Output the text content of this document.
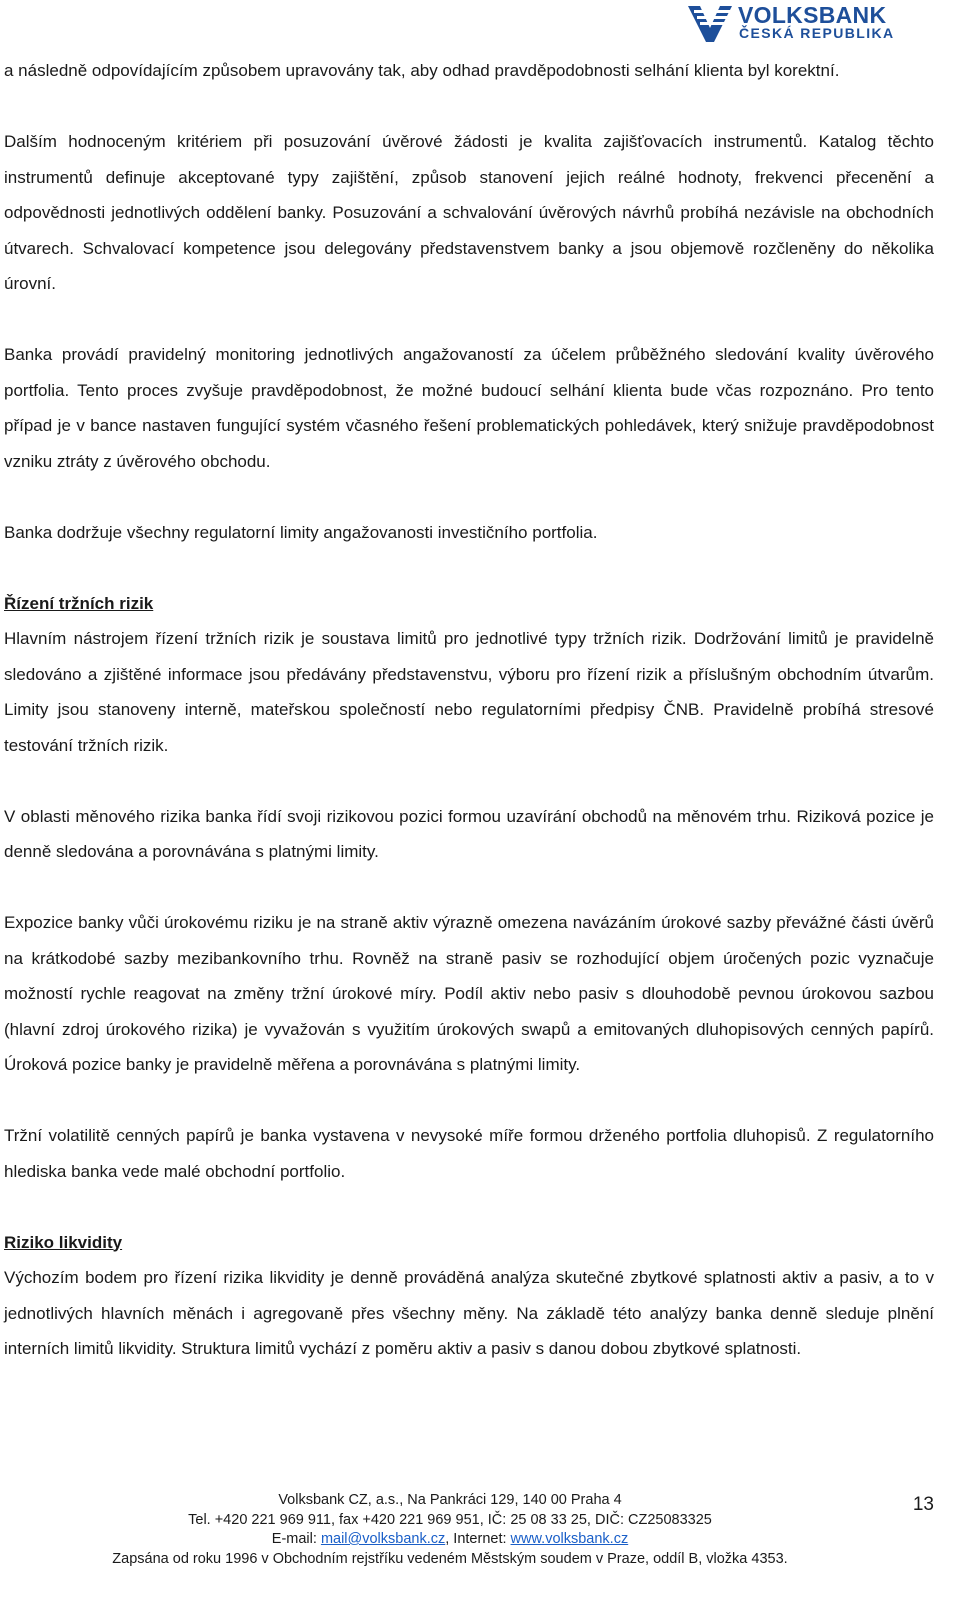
VOLKSBANK
ČESKÁ REPUBLIKA

a následně odpovídajícím způsobem upravovány tak, aby odhad pravděpodobnosti selhání klienta byl korektní.

Dalším hodnoceným kritériem při posuzování úvěrové žádosti je kvalita zajišťovacích instrumentů. Katalog těchto instrumentů definuje akceptované typy zajištění, způsob stanovení jejich reálné hodnoty, frekvenci přecenění a odpovědnosti jednotlivých oddělení banky. Posuzování a schvalování úvěrových návrhů probíhá nezávisle na obchodních útvarech. Schvalovací kompetence jsou delegovány představenstvem banky a jsou objemově rozčleněny do několika úrovní.

Banka provádí pravidelný monitoring jednotlivých angažovaností za účelem průběžného sledování kvality úvěrového portfolia. Tento proces zvyšuje pravděpodobnost, že možné budoucí selhání klienta bude včas rozpoznáno. Pro tento případ je v bance nastaven fungující systém včasného řešení problematických pohledávek, který snižuje pravděpodobnost vzniku ztráty z úvěrového obchodu.

Banka dodržuje všechny regulatorní limity angažovanosti investičního portfolia.

Řízení tržních rizik

Hlavním nástrojem řízení tržních rizik je soustava limitů pro jednotlivé typy tržních rizik. Dodržování limitů je pravidelně sledováno a zjištěné informace jsou předávány představenstvu, výboru pro řízení rizik a příslušným obchodním útvarům. Limity jsou stanoveny interně, mateřskou společností nebo regulatorními předpisy ČNB. Pravidelně probíhá stresové testování tržních rizik.

V oblasti měnového rizika banka řídí svoji rizikovou pozici formou uzavírání obchodů na měnovém trhu. Riziková pozice je denně sledována a porovnávána s platnými limity.

Expozice banky vůči úrokovému riziku je na straně aktiv výrazně omezena navázáním úrokové sazby převážné části úvěrů na krátkodobé sazby mezibankovního trhu. Rovněž na straně pasiv se rozhodující objem úročených pozic vyznačuje možností rychle reagovat na změny tržní úrokové míry. Podíl aktiv nebo pasiv s dlouhodobě pevnou úrokovou sazbou (hlavní zdroj úrokového rizika) je vyvažován s využitím úrokových swapů a emitovaných dluhopisových cenných papírů. Úroková pozice banky je pravidelně měřena a porovnávána s platnými limity.

Tržní volatilitě cenných papírů je banka vystavena v nevysoké míře formou drženého portfolia dluhopisů. Z regulatorního hlediska banka vede malé obchodní portfolio.

Riziko likvidity

Výchozím bodem pro řízení rizika likvidity je denně prováděná analýza skutečné zbytkové splatnosti aktiv a pasiv, a to v jednotlivých hlavních měnách i agregovaně přes všechny měny. Na základě této analýzy banka denně sleduje plnění interních limitů likvidity. Struktura limitů vychází z poměru aktiv a pasiv s danou dobou zbytkové splatnosti.

Volksbank CZ, a.s., Na Pankráci 129, 140 00 Praha 4
Tel. +420 221 969 911, fax +420 221 969 951, IČ: 25 08 33 25, DIČ: CZ25083325
E-mail: mail@volksbank.cz, Internet: www.volksbank.cz
Zapsána od roku 1996 v Obchodním rejstříku vedeném Městským soudem v Praze, oddíl B, vložka 4353.
13
